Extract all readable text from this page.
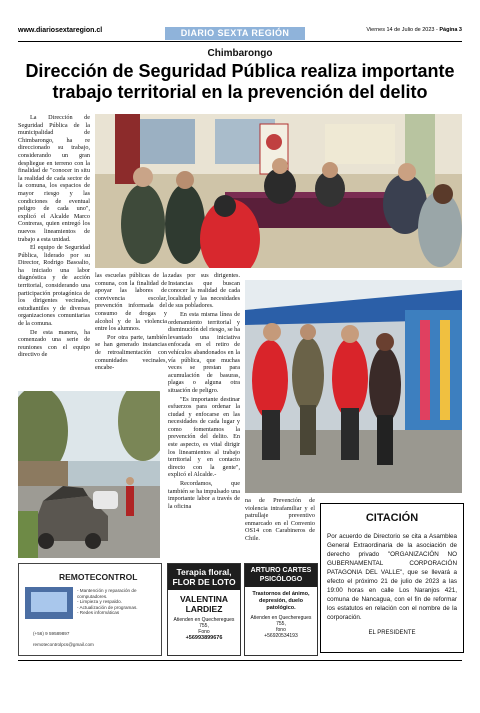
www.diariosextaregion.cl	DIARIO SEXTA REGIÓN	Viernes 14 de Julio de 2023 - Página 3
Chimbarongo
Dirección de Seguridad Pública realiza importante trabajo territorial en la prevención del delito

La Dirección de Seguridad Pública de la municipalidad de Chimbarongo, ha re direccionado su trabajo, considerando un gran despliegue en terreno con la finalidad de "conocer in situ la realidad de cada sector de la comuna, los espacios de mayor riesgo y las condiciones de eventual peligro de cada uno", explicó el Alcalde Marco Contreras, quien entregó los nuevos lineamientos de trabajo a esta unidad.

El equipo de Seguridad Pública, liderado por su Director, Rodrigo Basoalto, ha iniciado una labor diagnóstica y de acción territorial, considerando una participación protagónica de los dirigentes vecinales, estudiantiles y de diversas organizaciones comunitarias de la comuna.

De esta manera, ha comenzado una serie de reuniones con el equipo directivo de

las escuelas públicas de la comuna, con la finalidad de apoyar las labores de convivencia escolar, prevención informada del consumo de drogas y alcohol y de la violencia entre los alumnos.

Por otra parte, también se han generado instancias de retroalimentación con comunidades vecinales, encabe-

zadas por sus dirigentes. Instancias que buscan conocer la realidad de cada localidad y las necesidades de sus pobladores.

En esta misma línea de ordenamiento territorial y disminución del riesgo, se ha levantado una iniciativa enfocada en el retiro de vehículos abandonados en la vía pública, que muchas veces se prestan para acumulación de basuras, plagas o alguna otra situación de peligro.

"Es importante destinar esfuerzos para ordenar la ciudad y enfocarse en las necesidades de cada lugar y como fomentamos la prevención del delito. En este aspecto, es vital dirigir los lineamientos al trabajo territorial y en contacto directo con la gente", explicó el Alcalde.-

Recordamos, que también se ha impulsado una importante labor a través de la oficina

na de Prevención de violencia intrafamiliar y el patrullaje preventivo enmarcado en el Convenio OS14 con Carabineros de Chile.

REMOTECONTROL
- Mantención y reparación de computadores.
- Limpieza y respaldo.
- Actualización de programas.
- Redes informáticas
(+56) 9 59589897
remotecontrolpcs@gmail.com
Terapia floral, FLOR DE LOTO
VALENTINA LARDIEZ
Atienden en Quecheregues 755,
Fono
+56993899676
ARTURO CARTES PSICÓLOGO
Trastornos del ánimo, depresión, duelo patológico.
Atienden en Quecheregues 755,
fono
+56920534193
CITACIÓN
Por acuerdo de Directorio se cita a Asamblea General Extraordinaria de la asociación de derecho privado "ORGANIZACIÓN NO GUBERNAMENTAL CORPORACIÓN PATAGONIA DEL VALLE", que se llevará a efecto el próximo 21 de julio de 2023 a las 19:00 horas en calle Los Naranjos 421, comuna de Nancagua, con el fin de reformar los estatutos en relación con el nombre de la corporación.
EL PRESIDENTE
